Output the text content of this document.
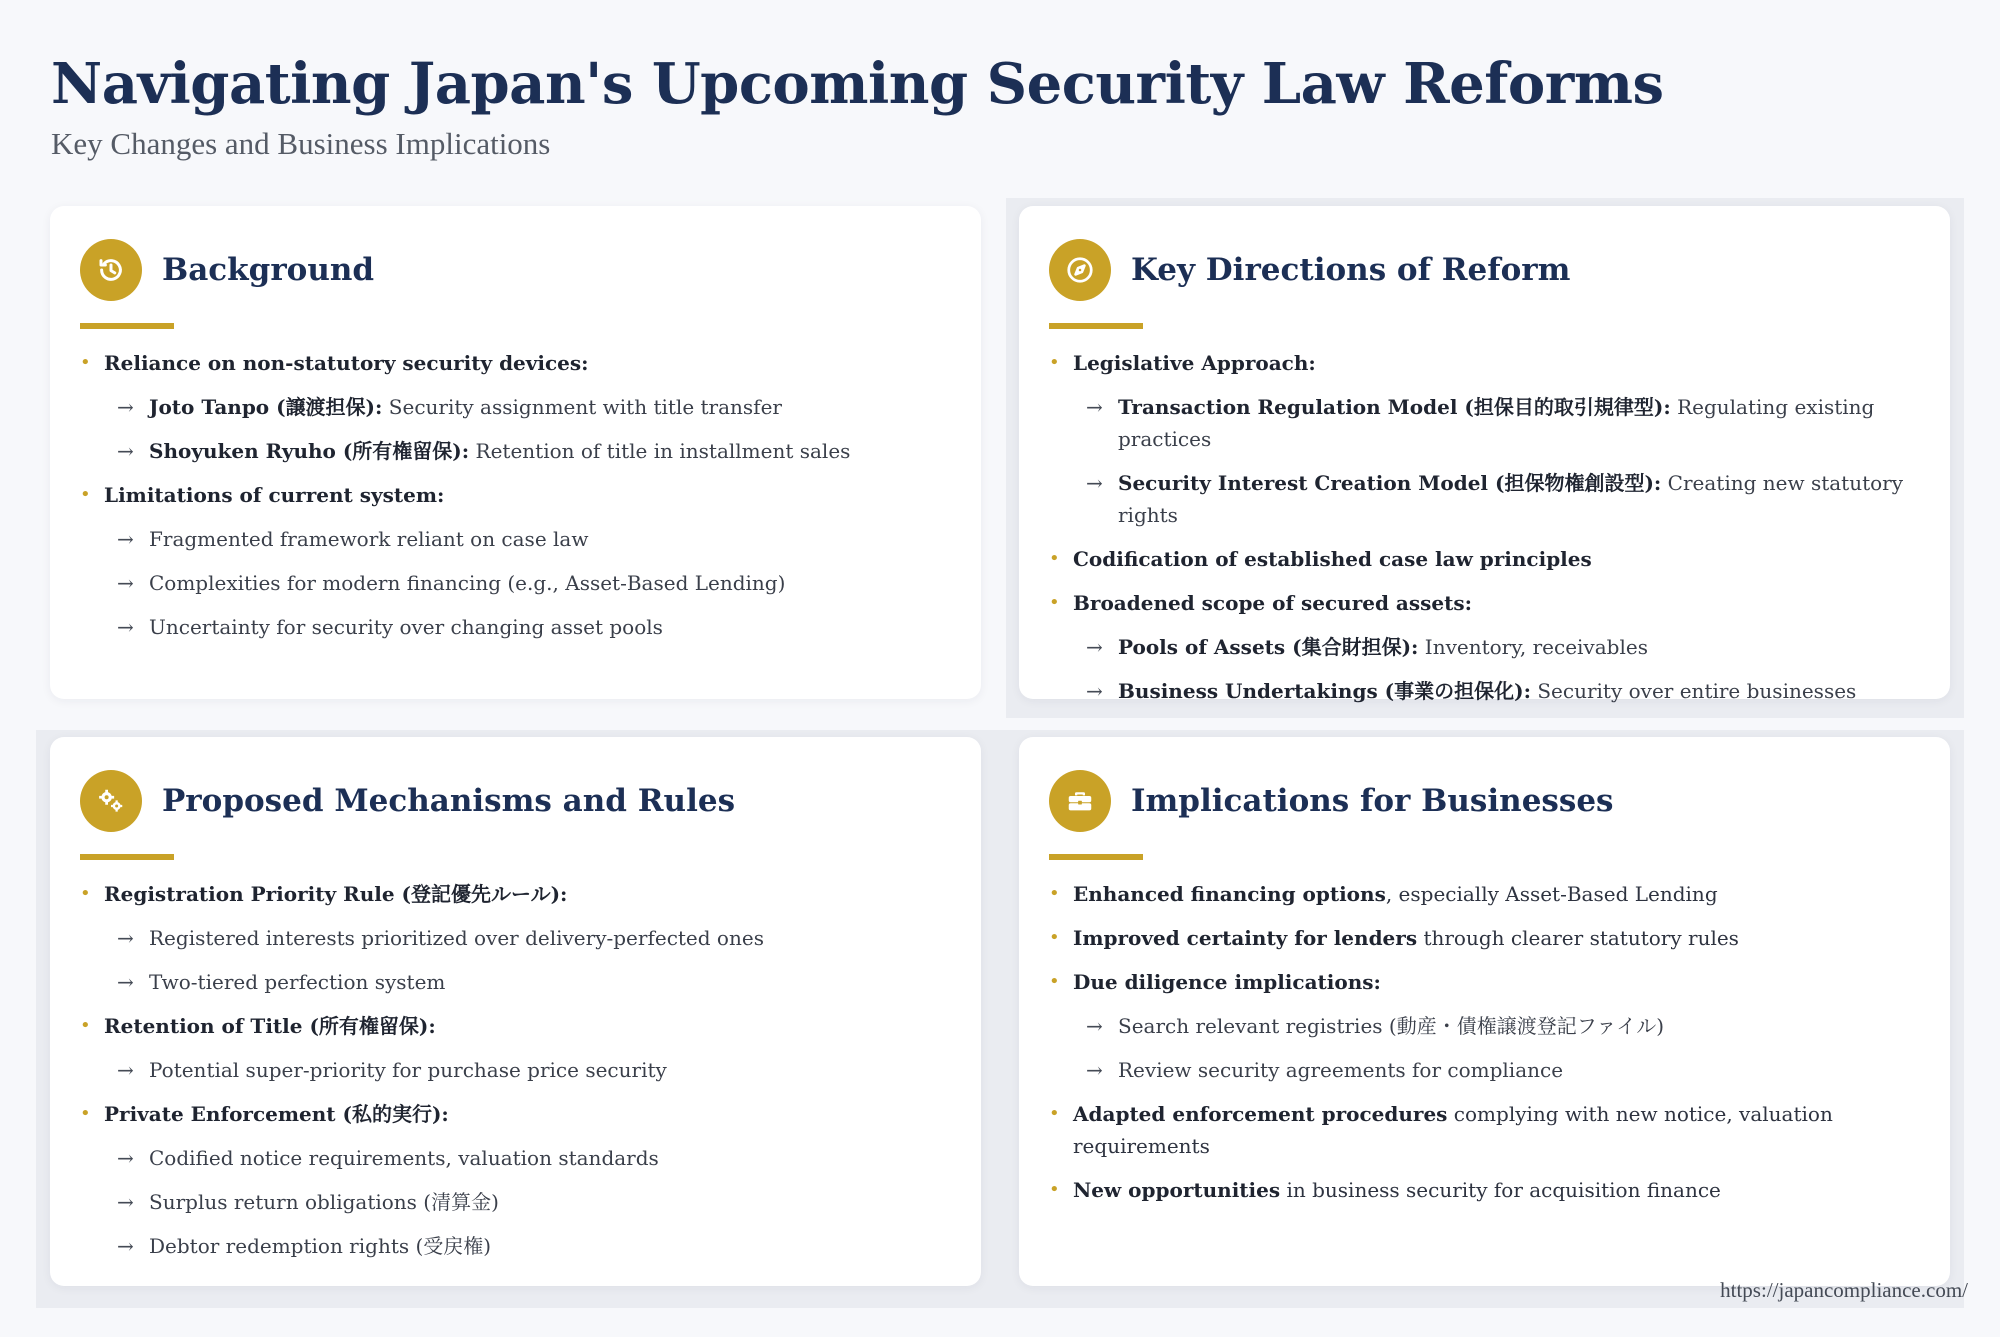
Navigating Japan's Upcoming Security Law Reforms
Key Changes and Business Implications
Background
• Reliance on non-statutory security devices:
→ Joto Tanpo (譲渡担保): Security assignment with title transfer
→ Shoyuken Ryuho (所有権留保): Retention of title in installment sales
• Limitations of current system:
→ Fragmented framework reliant on case law
→ Complexities for modern financing (e.g., Asset-Based Lending)
→ Uncertainty for security over changing asset pools
Key Directions of Reform
• Legislative Approach:
→ Transaction Regulation Model (担保目的取引規律型): Regulating existing practices
→ Security Interest Creation Model (担保物権創設型): Creating new statutory rights
• Codification of established case law principles
• Broadened scope of secured assets:
→ Pools of Assets (集合財担保): Inventory, receivables
→ Business Undertakings (事業の担保化): Security over entire businesses
Proposed Mechanisms and Rules
• Registration Priority Rule (登記優先ルール):
→ Registered interests prioritized over delivery-perfected ones
→ Two-tiered perfection system
• Retention of Title (所有権留保):
→ Potential super-priority for purchase price security
• Private Enforcement (私的実行):
→ Codified notice requirements, valuation standards
→ Surplus return obligations (清算金)
→ Debtor redemption rights (受戻権)
Implications for Businesses
• Enhanced financing options, especially Asset-Based Lending
• Improved certainty for lenders through clearer statutory rules
• Due diligence implications:
→ Search relevant registries (動産・債権譲渡登記ファイル)
→ Review security agreements for compliance
• Adapted enforcement procedures complying with new notice, valuation requirements
• New opportunities in business security for acquisition finance
https://japancompliance.com/
